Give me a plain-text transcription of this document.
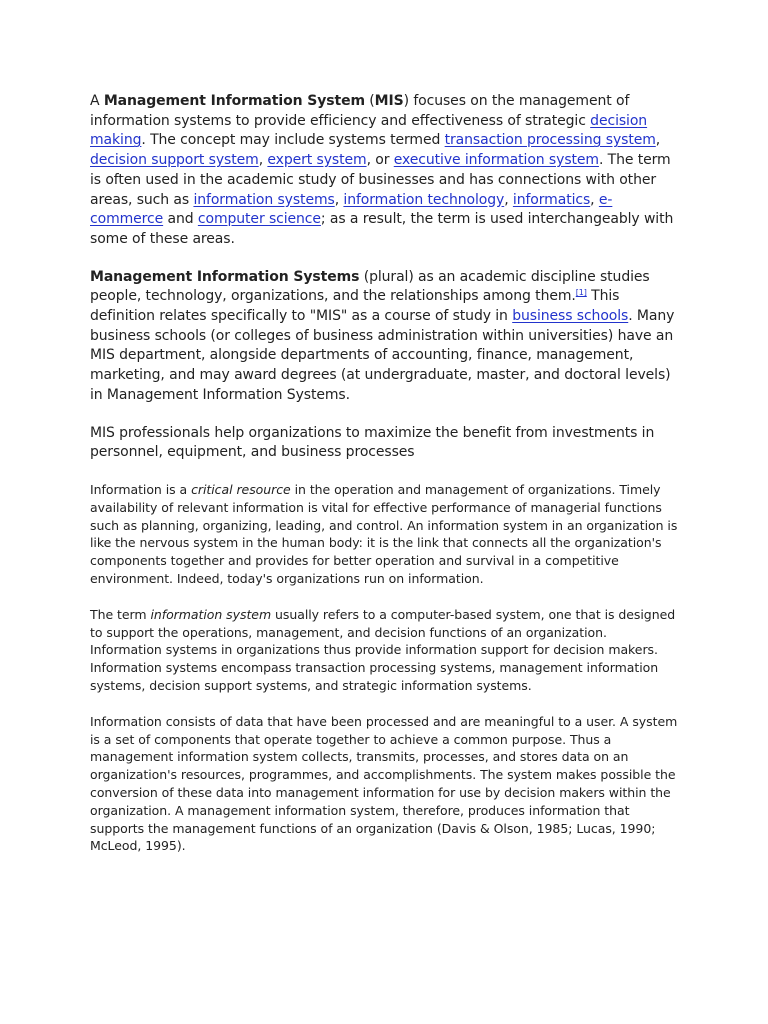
A Management Information System (MIS) focuses on the management of information systems to provide efficiency and effectiveness of strategic decision making. The concept may include systems termed transaction processing system, decision support system, expert system, or executive information system. The term is often used in the academic study of businesses and has connections with other areas, such as information systems, information technology, informatics, e-commerce and computer science; as a result, the term is used interchangeably with some of these areas.

Management Information Systems (plural) as an academic discipline studies people, technology, organizations, and the relationships among them.[1] This definition relates specifically to "MIS" as a course of study in business schools. Many business schools (or colleges of business administration within universities) have an MIS department, alongside departments of accounting, finance, management, marketing, and may award degrees (at undergraduate, master, and doctoral levels) in Management Information Systems.

MIS professionals help organizations to maximize the benefit from investments in personnel, equipment, and business processes

Information is a critical resource in the operation and management of organizations. Timely availability of relevant information is vital for effective performance of managerial functions such as planning, organizing, leading, and control. An information system in an organization is like the nervous system in the human body: it is the link that connects all the organization's components together and provides for better operation and survival in a competitive environment. Indeed, today's organizations run on information.

The term information system usually refers to a computer-based system, one that is designed to support the operations, management, and decision functions of an organization. Information systems in organizations thus provide information support for decision makers. Information systems encompass transaction processing systems, management information systems, decision support systems, and strategic information systems.

Information consists of data that have been processed and are meaningful to a user. A system is a set of components that operate together to achieve a common purpose. Thus a management information system collects, transmits, processes, and stores data on an organization's resources, programmes, and accomplishments. The system makes possible the conversion of these data into management information for use by decision makers within the organization. A management information system, therefore, produces information that supports the management functions of an organization (Davis & Olson, 1985; Lucas, 1990; McLeod, 1995).
